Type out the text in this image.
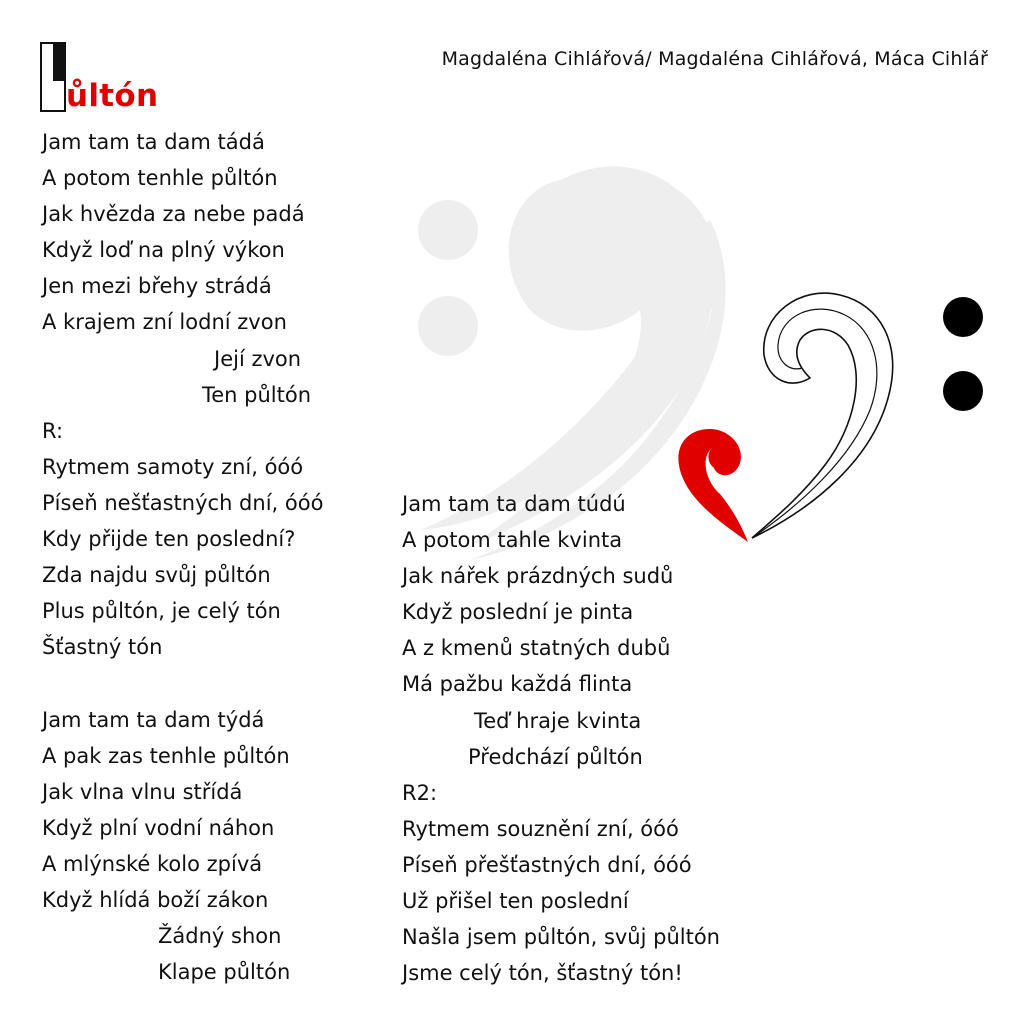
ůltón
Magdaléna Cihlářová/ Magdaléna Cihlářová, Máca Cihlář
Jam tam ta dam tádá
A potom tenhle půltón
Jak hvězda za nebe padá
Když loď na plný výkon
Jen mezi břehy strádá
A krajem zní lodní zvon
Její zvon
Ten půltón
R:
Rytmem samoty zní, óóó
Píseň nešťastných dní, óóó
Kdy přijde ten poslední?
Zda najdu svůj půltón
Plus půltón, je celý tón
Šťastný tón
Jam tam ta dam týdá
A pak zas tenhle půltón
Jak vlna vlnu střídá
Když plní vodní náhon
A mlýnské kolo zpívá
Když hlídá boží zákon
Žádný shon
Klape půltón
Jam tam ta dam túdú
A potom tahle kvinta
Jak nářek prázdných sudů
Když poslední je pinta
A z kmenů statných dubů
Má pažbu každá flinta
Teď hraje kvinta
Předchází půltón
R2:
Rytmem souznění zní, óóó
Píseň přešťastných dní, óóó
Už přišel ten poslední
Našla jsem půltón, svůj půltón
Jsme celý tón, šťastný tón!
